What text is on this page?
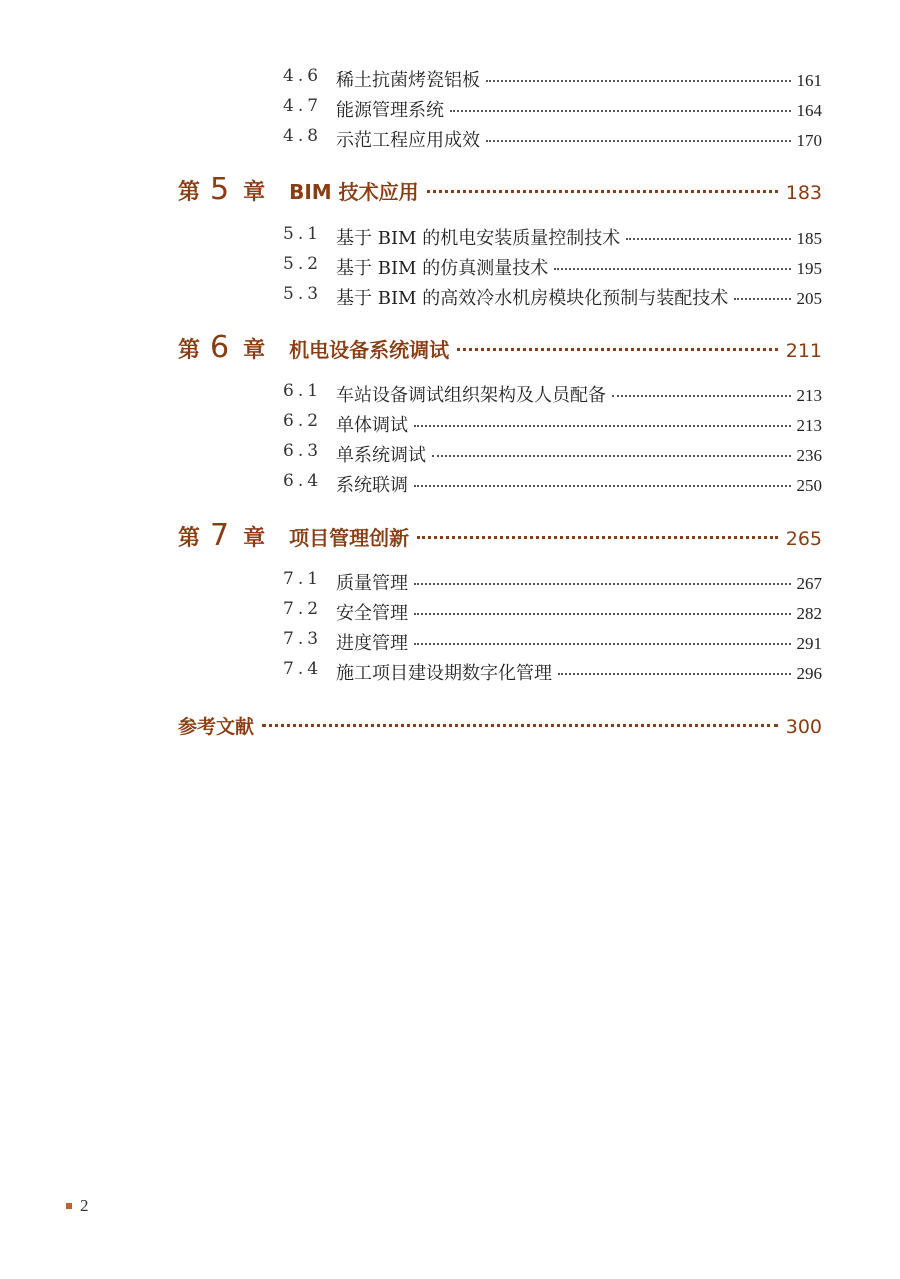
4.6 稀土抗菌烤瓷铝板	161
4.7 能源管理系统	164
4.8 示范工程应用成效	170
第 5 章 BIM 技术应用	183
5.1 基于 BIM 的机电安装质量控制技术	185
5.2 基于 BIM 的仿真测量技术	195
5.3 基于 BIM 的高效冷水机房模块化预制与装配技术	205
第 6 章 机电设备系统调试	211
6.1 车站设备调试组织架构及人员配备	213
6.2 单体调试	213
6.3 单系统调试	236
6.4 系统联调	250
第 7 章 项目管理创新	265
7.1 质量管理	267
7.2 安全管理	282
7.3 进度管理	291
7.4 施工项目建设期数字化管理	296
参考文献	300
2
